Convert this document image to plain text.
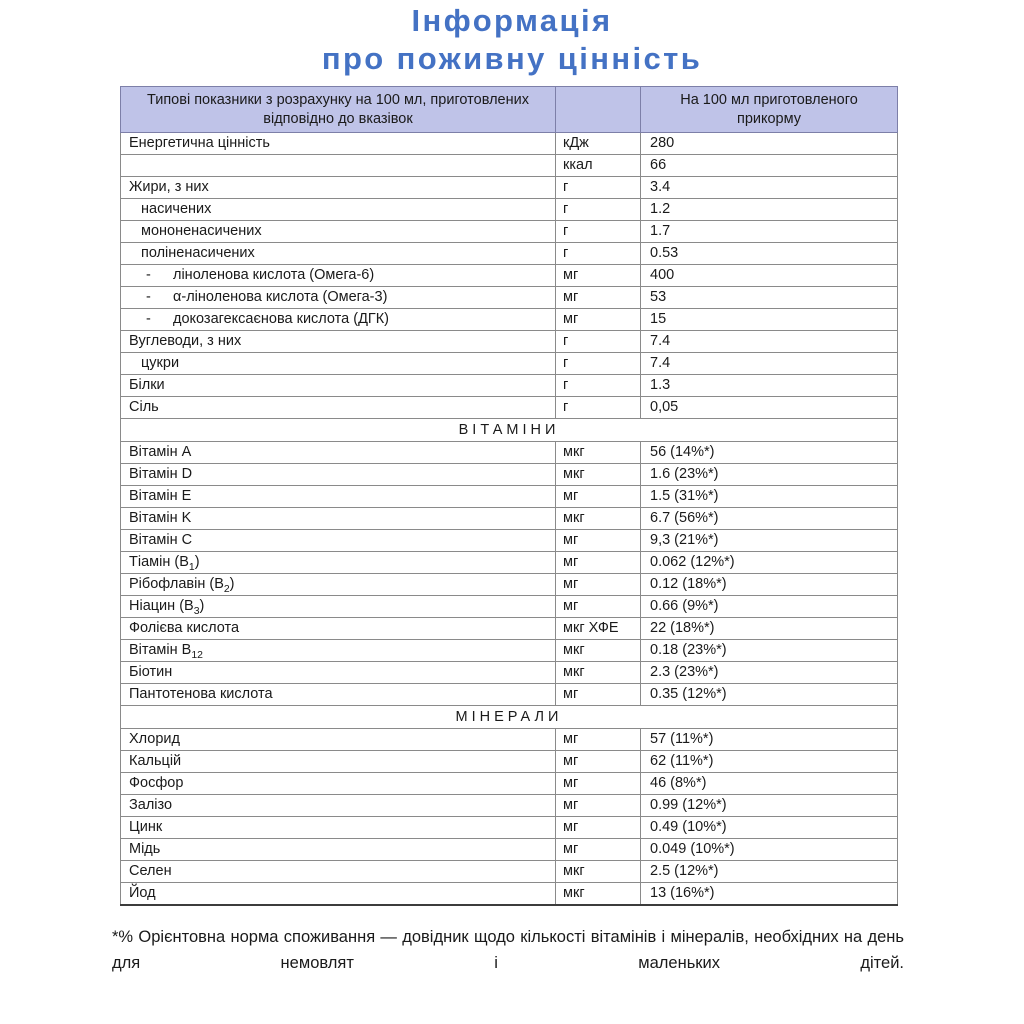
Інформація
про поживну цінність
Типові показники з розрахунку на 100 мл, приготовлених відповідно до вказівок		На 100 мл приготовленого прикорму
Енергетична цінність	кДж	280
	ккал	66
Жири, з них	г	3.4
насичених	г	1.2
мононенасичених	г	1.7
поліненасичених	г	0.53
- ліноленова кислота (Омега-6)	мг	400
- α-ліноленова кислота (Омега-3)	мг	53
- докозагексаєнова кислота (ДГК)	мг	15
Вуглеводи, з них	г	7.4
цукри	г	7.4
Білки	г	1.3
Сіль	г	0,05
ВІТАМІНИ		
Вітамін A	мкг	56 (14%*)
Вітамін D	мкг	1.6 (23%*)
Вітамін E	мг	1.5 (31%*)
Вітамін K	мкг	6.7 (56%*)
Вітамін C	мг	9,3 (21%*)
Тіамін $(B_1)$	мг	0.062 (12%*)
Рібофлавін $(B_2)$	мг	0.12 (18%*)
Ніацин $(B_3)$	мг	0.66 (9%*)
Фолієва кислота	мкг ХФЕ	22 (18%*)
Вітамін $B_{12}$	мкг	0.18 (23%*)
Біотин	мкг	2.3 (23%*)
Пантотенова кислота	мг	0.35 (12%*)
МІНЕРАЛИ		
Хлорид	мг	57 (11%*)
Кальцій	мг	62 (11%*)
Фосфор	мг	46 (8%*)
Залізо	мг	0.99 (12%*)
Цинк	мг	0.49 (10%*)
Мідь	мг	0.049 (10%*)
Селен	мкг	2.5 (12%*)
Йод	мкг	13 (16%*)
*% Орієнтовна норма споживання — довідник щодо кількості вітамінів і мінералів, необхідних на день для немовлят і маленьких дітей.
